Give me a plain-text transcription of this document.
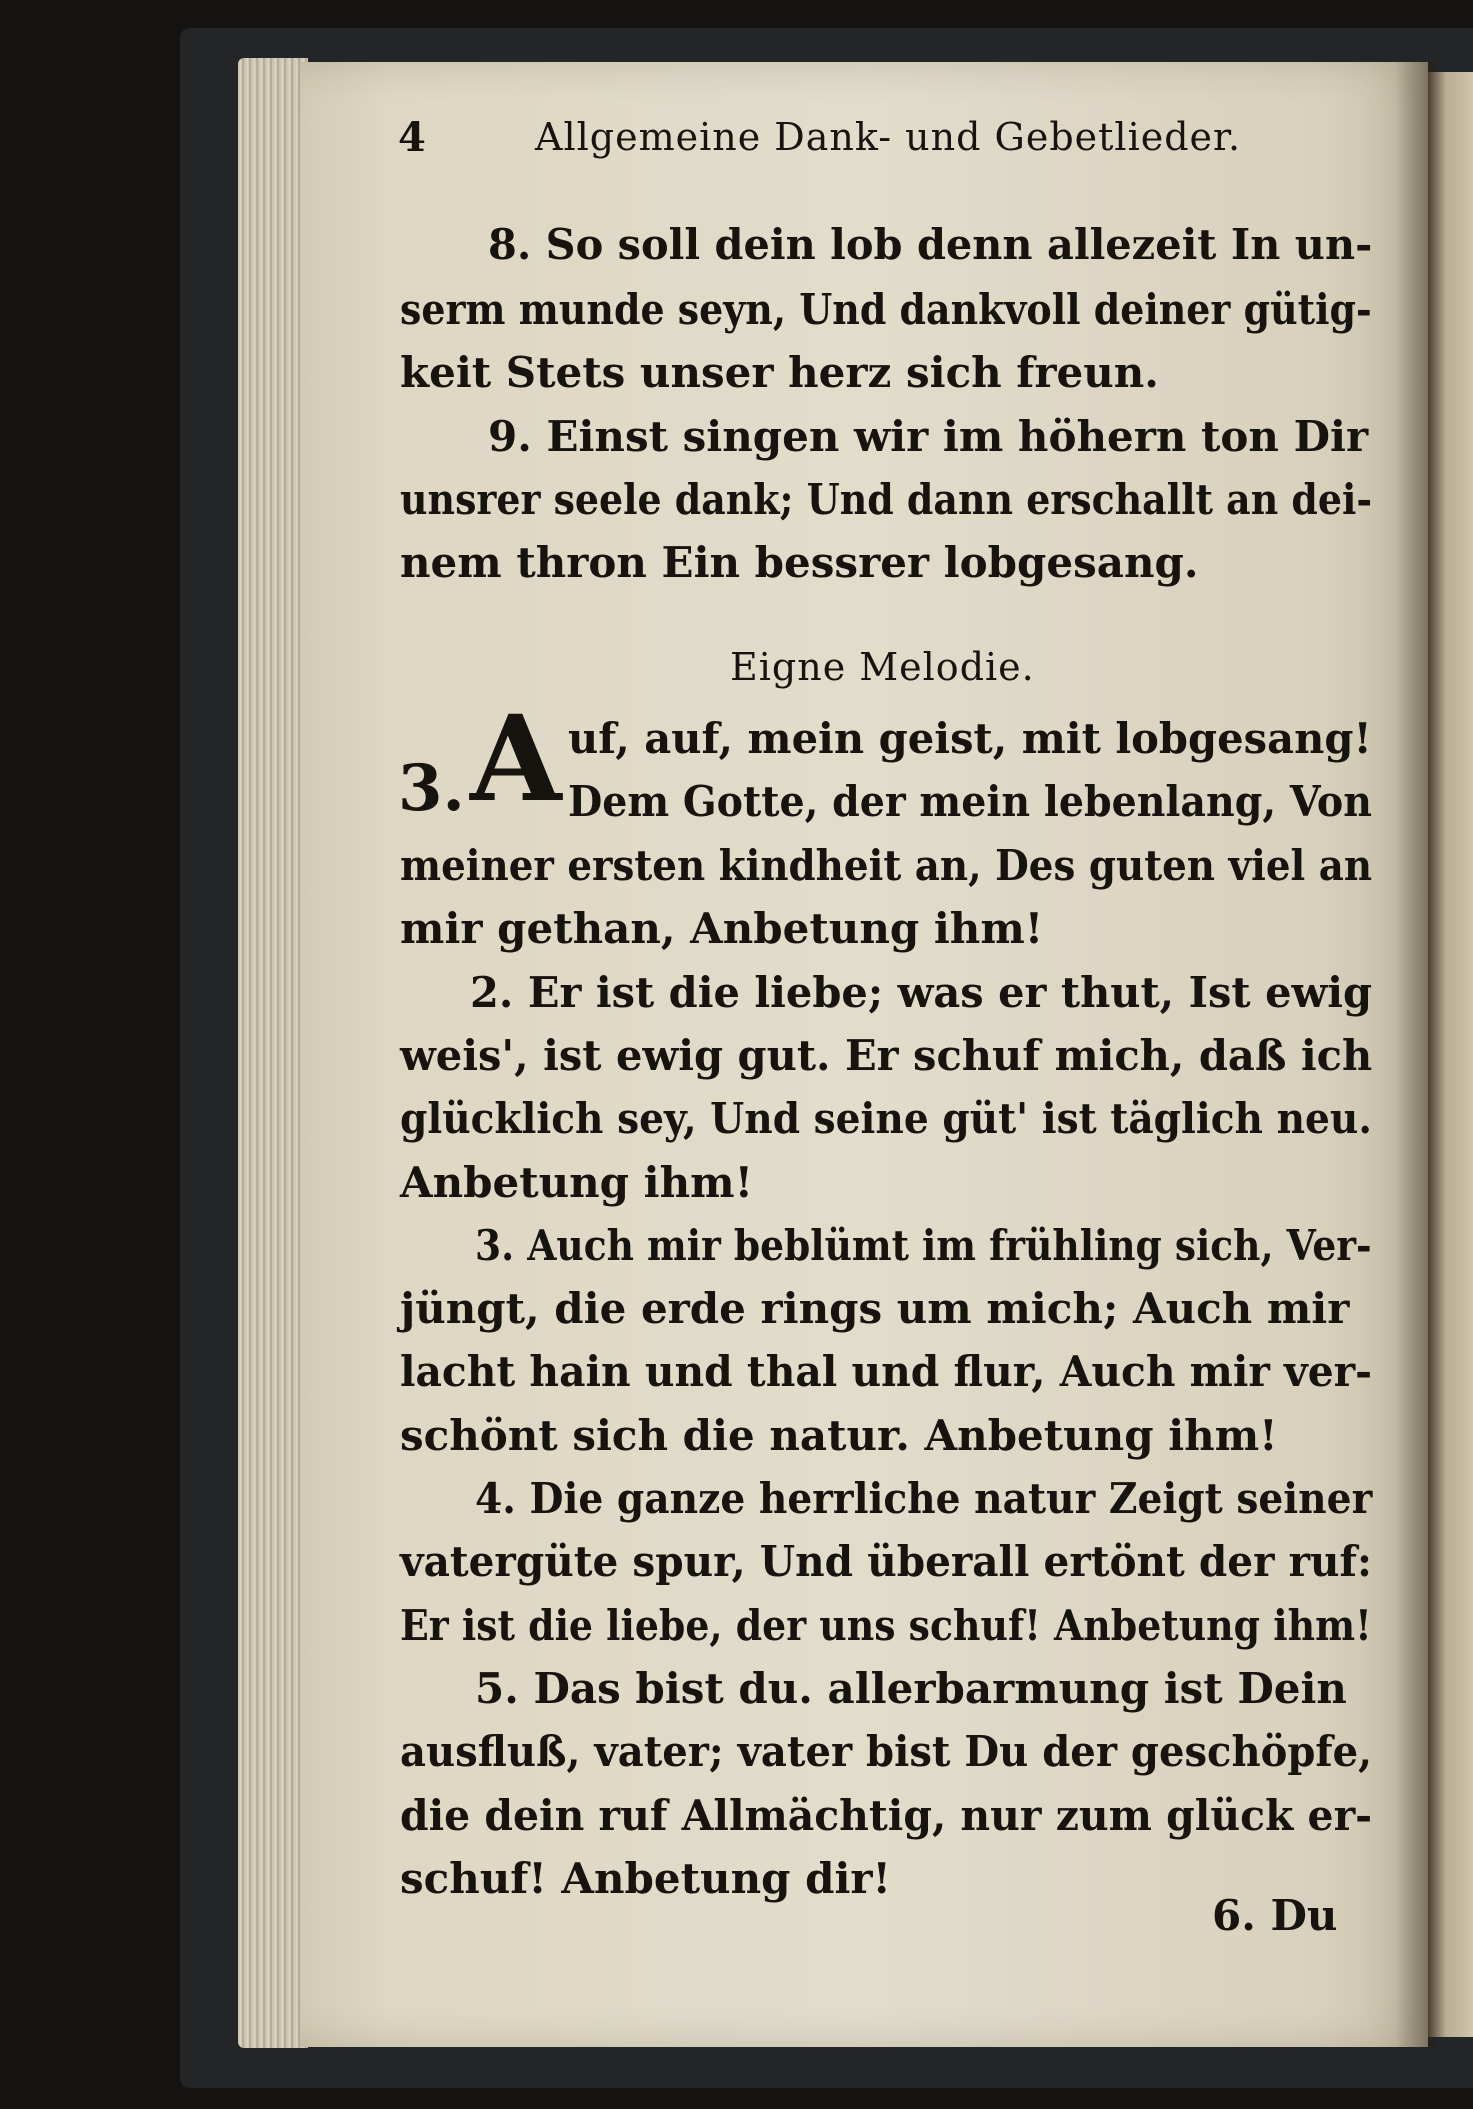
4	Allgemeine Dank- und Gebetlieder.
8. So soll dein lob denn allezeit In un-
serm munde seyn, Und dankvoll deiner gütig-
keit Stets unser herz sich freun.
9. Einst singen wir im höhern ton Dir
unsrer seele dank; Und dann erschallt an dei-
nem thron Ein bessrer lobgesang.
Eigne Melodie.
3. A uf, auf, mein geist, mit lobgesang!
Dem Gotte, der mein lebenlang, Von
meiner ersten kindheit an, Des guten viel an
mir gethan, Anbetung ihm!
2. Er ist die liebe; was er thut, Ist ewig
weis', ist ewig gut. Er schuf mich, daß ich
glücklich sey, Und seine güt' ist täglich neu.
Anbetung ihm!
3. Auch mir beblümt im frühling sich, Ver-
jüngt, die erde rings um mich; Auch mir
lacht hain und thal und flur, Auch mir ver-
schönt sich die natur. Anbetung ihm!
4. Die ganze herrliche natur Zeigt seiner
vatergüte spur, Und überall ertönt der ruf:
Er ist die liebe, der uns schuf! Anbetung ihm!
5. Das bist du. allerbarmung ist Dein
ausfluß, vater; vater bist Du der geschöpfe,
die dein ruf Allmächtig, nur zum glück er-
schuf! Anbetung dir!
6. Du
